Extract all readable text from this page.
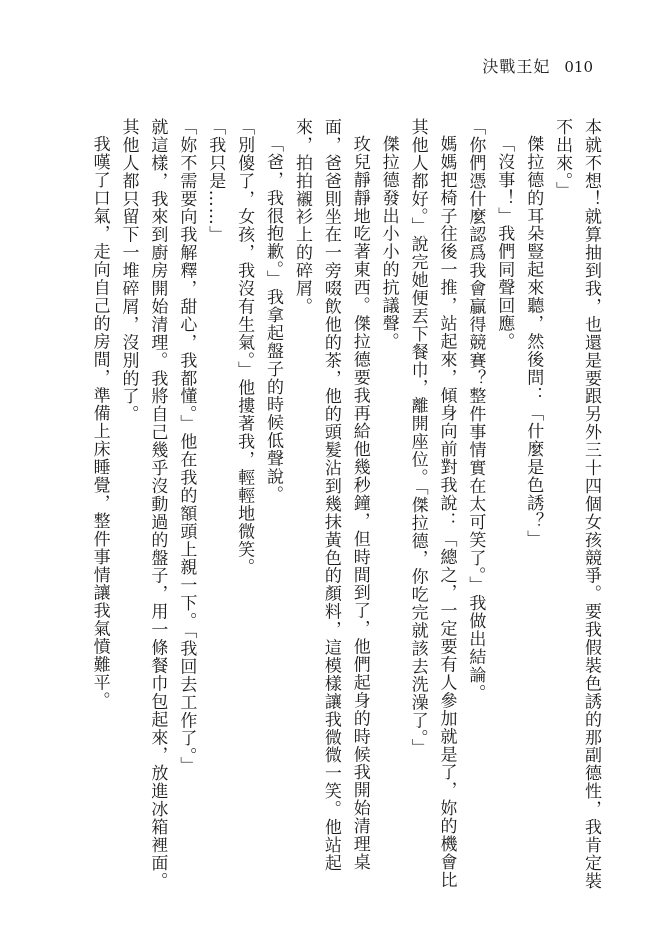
決戰王妃 010

本就不想！就算抽到我，也還是要跟另外三十四個女孩競爭。要我假裝色誘的那副德性，我肯定裝不出來。」

傑拉德的耳朵豎起來聽，然後問：「什麼是色誘？」

「沒事！」我們同聲回應。

「你們憑什麼認爲我會贏得競賽？整件事情實在太可笑了。」我做出結論。

媽媽把椅子往後一推，站起來，傾身向前對我說：「總之，一定要有人參加就是了，妳的機會比其他人都好。」說完她便丟下餐巾，離開座位。「傑拉德，你吃完就該去洗澡了。」

傑拉德發出小小的抗議聲。

玫兒靜靜地吃著東西。傑拉德要我再給他幾秒鐘，但時間到了，他們起身的時候我開始清理桌面，爸爸則坐在一旁啜飲他的茶，他的頭髮沾到幾抹黃色的顏料，這模樣讓我微微一笑。他站起來，拍拍襯衫上的碎屑。

「爸，我很抱歉。」我拿起盤子的時候低聲說。

「別傻了，女孩，我沒有生氣。」他摟著我，輕輕地微笑。

「我只是……」

「妳不需要向我解釋，甜心，我都懂。」他在我的額頭上親一下。「我回去工作了。」

就這樣，我來到廚房開始清理。我將自己幾乎沒動過的盤子，用一條餐巾包起來，放進冰箱裡面。其他人都只留下一堆碎屑，沒別的了。

我嘆了口氣，走向自己的房間，準備上床睡覺，整件事情讓我氣憤難平。
